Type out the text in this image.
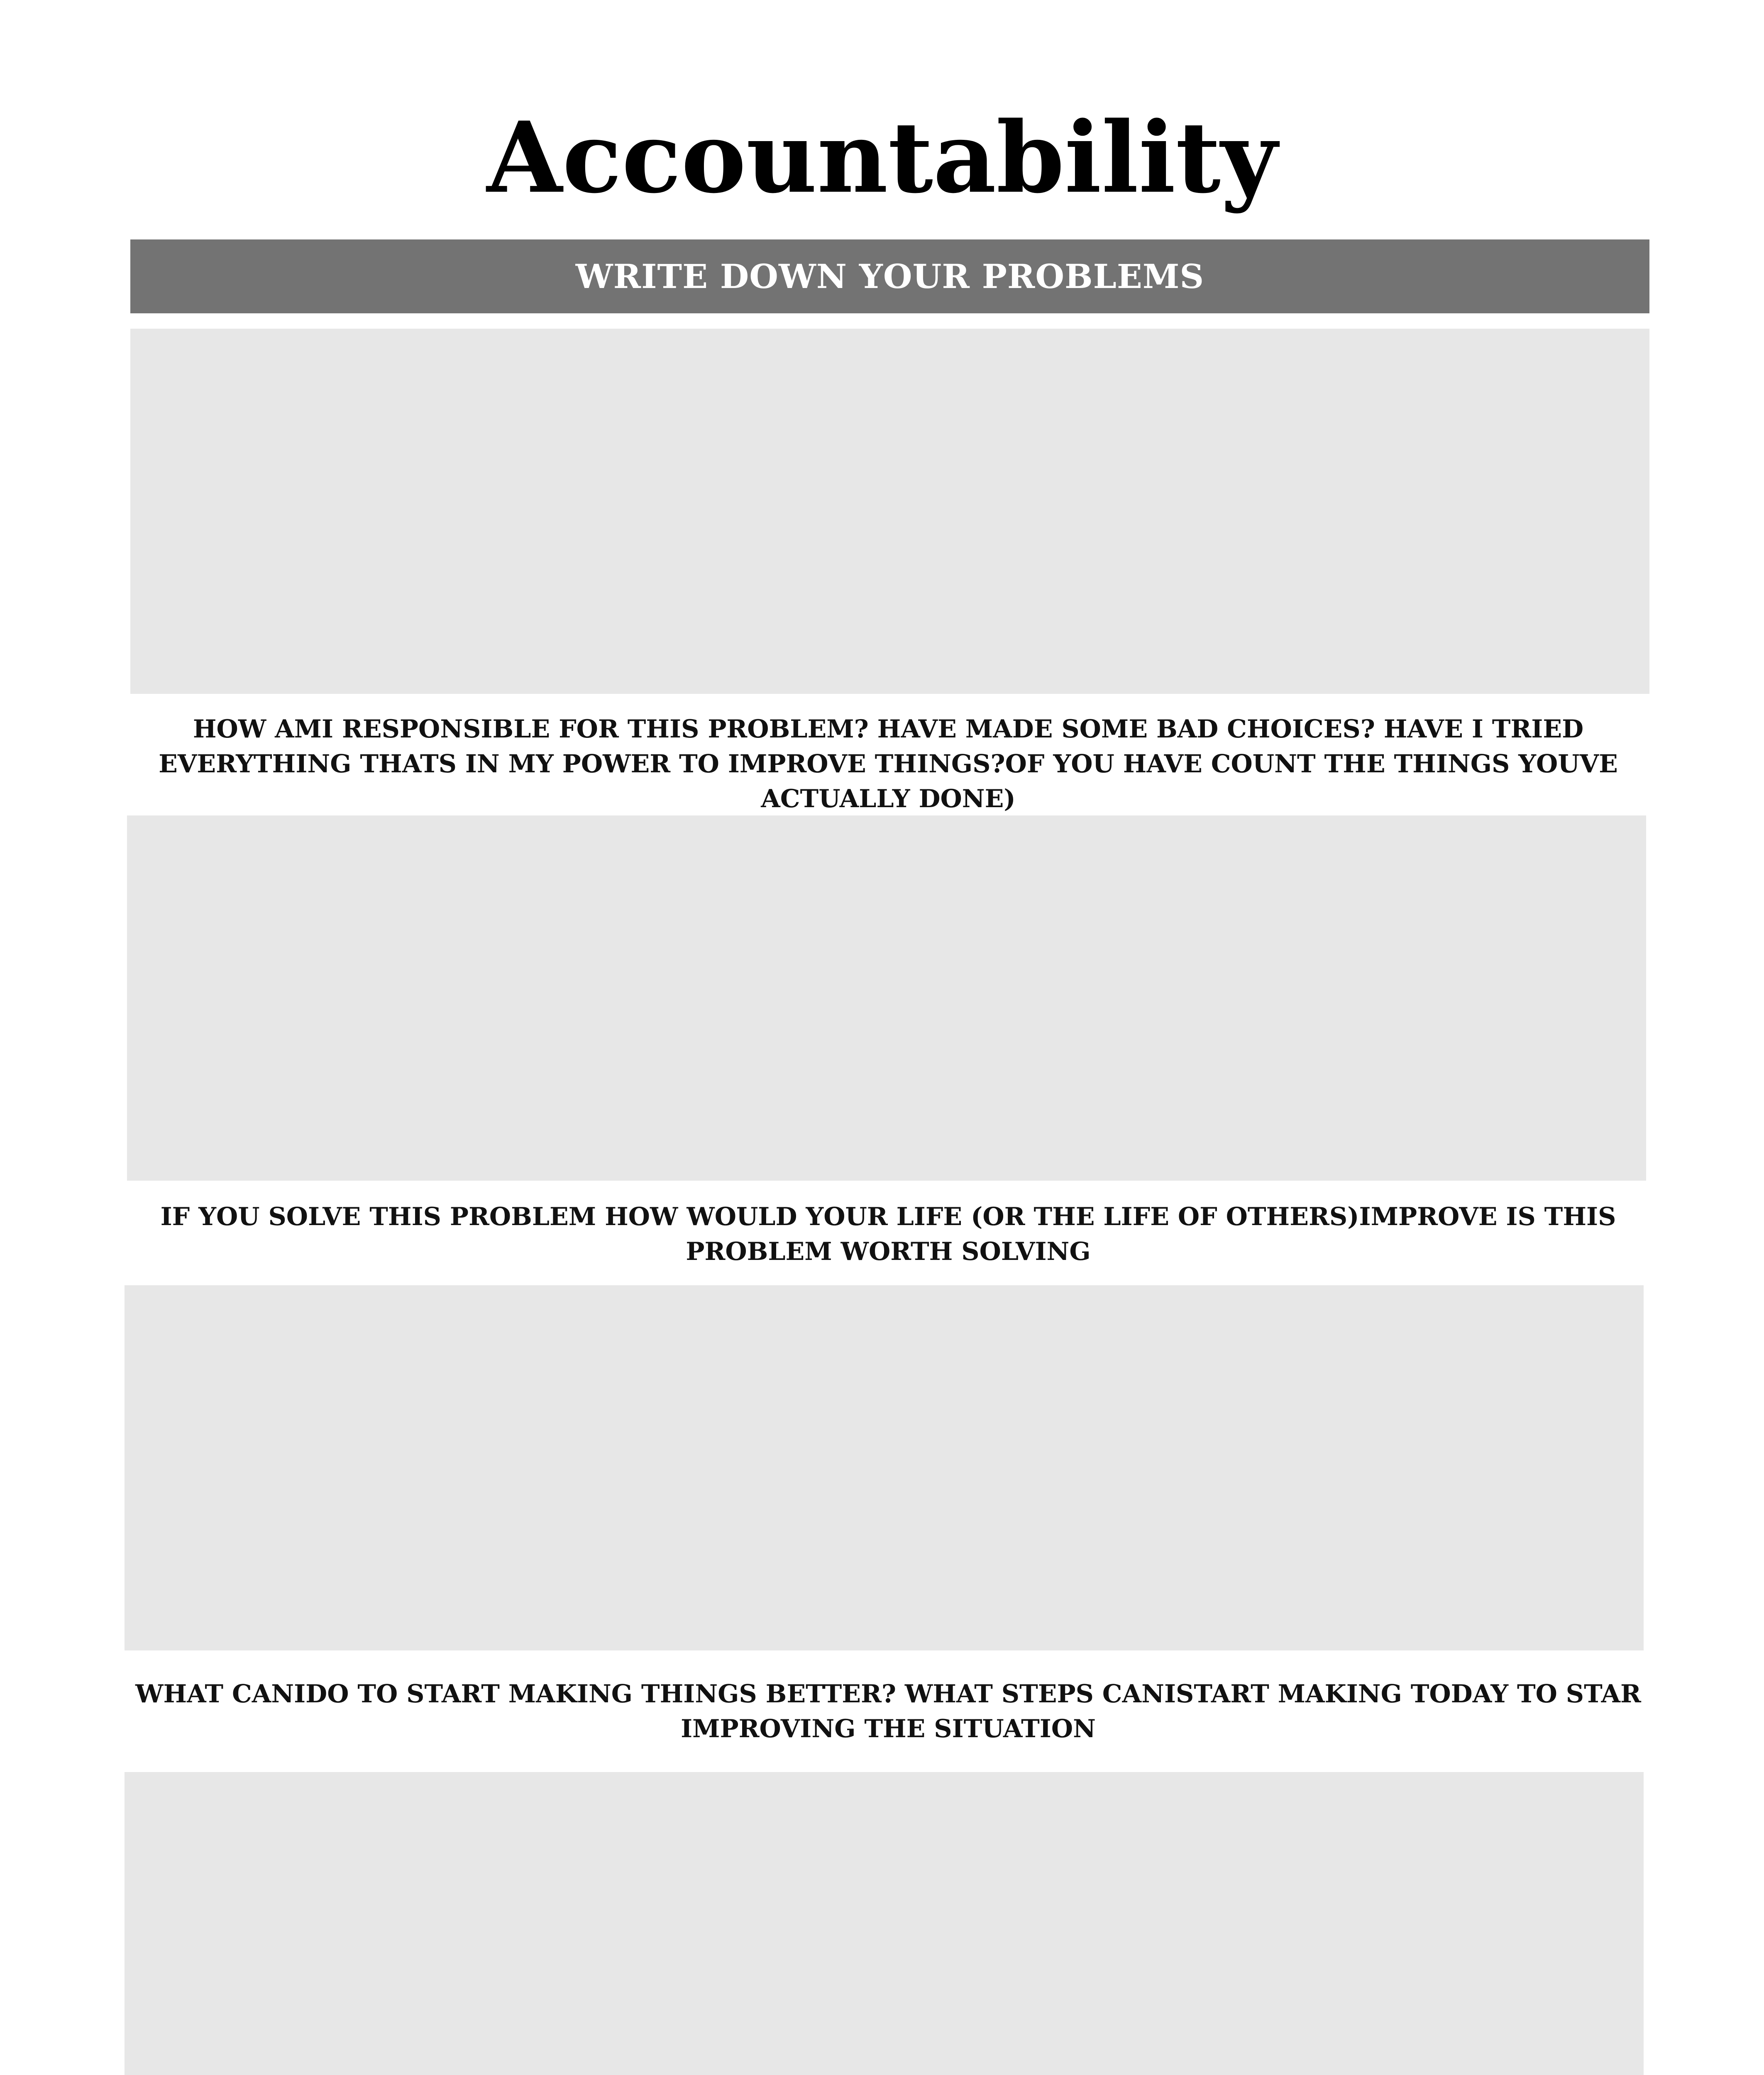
Accountability
WRITE DOWN YOUR PROBLEMS

HOW AMI RESPONSIBLE FOR THIS PROBLEM? HAVE MADE SOME BAD CHOICES? HAVE I TRIED EVERYTHING THATS IN MY POWER TO IMPROVE THINGS?OF YOU HAVE COUNT THE THINGS YOUVE ACTUALLY DONE)

IF YOU SOLVE THIS PROBLEM HOW WOULD YOUR LIFE (OR THE LIFE OF OTHERS)IMPROVE IS THIS PROBLEM WORTH SOLVING

WHAT CANIDO TO START MAKING THINGS BETTER? WHAT STEPS CANISTART MAKING TODAY TO STAR IMPROVING THE SITUATION
